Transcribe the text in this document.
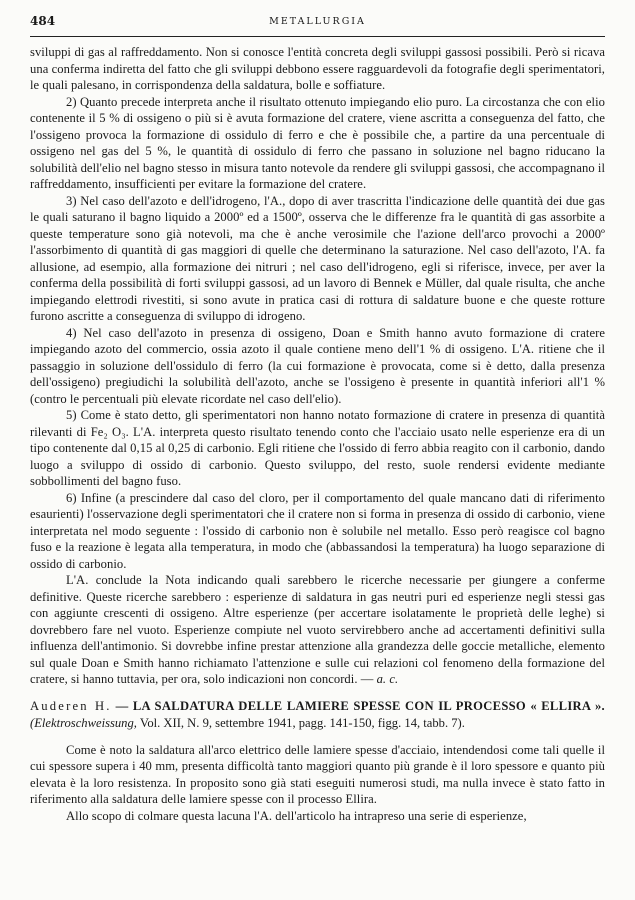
484	METALLURGIA

sviluppi di gas al raffreddamento. Non si conosce l'entità concreta degli sviluppi gassosi possibili. Però si ricava una conferma indiretta del fatto che gli sviluppi debbono essere ragguardevoli da fotografie degli sperimentatori, le quali palesano, in corrispondenza della saldatura, bolle e soffiature.

2) Quanto precede interpreta anche il risultato ottenuto impiegando elio puro. La circostanza che con elio contenente il 5 % di ossigeno o più si è avuta formazione del cratere, viene ascritta a conseguenza del fatto, che l'ossigeno provoca la formazione di ossidulo di ferro e che è possibile che, a partire da una percentuale di ossigeno nel gas del 5 %, le quantità di ossidulo di ferro che passano in soluzione nel bagno riducano la solubilità dell'elio nel bagno stesso in misura tanto notevole da rendere gli sviluppi gassosi, che accompagnano il raffreddamento, insufficienti per evitare la formazione del cratere.

3) Nel caso dell'azoto e dell'idrogeno, l'A., dopo di aver trascritta l'indicazione delle quantità dei due gas le quali saturano il bagno liquido a 2000º ed a 1500º, osserva che le differenze fra le quantità di gas assorbite a queste temperature sono già notevoli, ma che è anche verosimile che l'azione dell'arco provochi a 2000º l'assorbimento di quantità di gas maggiori di quelle che determinano la saturazione. Nel caso dell'azoto, l'A. fa allusione, ad esempio, alla formazione dei nitruri ; nel caso dell'idrogeno, egli si riferisce, invece, per aver la conferma della possibilità di forti sviluppi gassosi, ad un lavoro di Bennek e Müller, dal quale risulta, che anche impiegando elettrodi rivestiti, si sono avute in pratica casi di rottura di saldature buone e che queste rotture furono ascritte a conseguenza di sviluppo di idrogeno.

4) Nel caso dell'azoto in presenza di ossigeno, Doan e Smith hanno avuto formazione di cratere impiegando azoto del commercio, ossia azoto il quale contiene meno dell'1 % di ossigeno. L'A. ritiene che il passaggio in soluzione dell'ossidulo di ferro (la cui formazione è provocata, come si è detto, dalla presenza dell'ossigeno) pregiudichi la solubilità dell'azoto, anche se l'ossigeno è presente in quantità inferiori all'1 % (contro le percentuali più elevate ricordate nel caso dell'elio).

5) Come è stato detto, gli sperimentatori non hanno notato formazione di cratere in presenza di quantità rilevanti di Fe₂ O₃. L'A. interpreta questo risultato tenendo conto che l'acciaio usato nelle esperienze era di un tipo contenente dal 0,15 al 0,25 di carbonio. Egli ritiene che l'ossido di ferro abbia reagito con il carbonio, dando luogo a sviluppo di ossido di carbonio. Questo sviluppo, del resto, suole rendersi evidente mediante sobbollimenti del bagno fuso.

6) Infine (a prescindere dal caso del cloro, per il comportamento del quale mancano dati di riferimento esaurienti) l'osservazione degli sperimentatori che il cratere non si forma in presenza di ossido di carbonio, viene interpretata nel modo seguente : l'ossido di carbonio non è solubile nel metallo. Esso però reagisce col bagno fuso e la reazione è legata alla temperatura, in modo che (abbassandosi la temperatura) ha luogo separazione di ossido di carbonio.

L'A. conclude la Nota indicando quali sarebbero le ricerche necessarie per giungere a conferme definitive. Queste ricerche sarebbero : esperienze di saldatura in gas neutri puri ed esperienze negli stessi gas con aggiunte crescenti di ossigeno. Altre esperienze (per accertare isolatamente le proprietà delle leghe) si dovrebbero fare nel vuoto. Esperienze compiute nel vuoto servirebbero anche ad accertamenti definitivi sulla influenza dell'antimonio. Si dovrebbe infine prestar attenzione alla grandezza delle goccie metalliche, elemento sul quale Doan e Smith hanno richiamato l'attenzione e sulle cui relazioni col fenomeno della formazione del cratere, si hanno tuttavia, per ora, solo indicazioni non concordi. — a. c.

Auderen H. — LA SALDATURA DELLE LAMIERE SPESSE CON IL PROCESSO « ELLIRA ». (Elektroschweissung, Vol. XII, N. 9, settembre 1941, pagg. 141-150, figg. 14, tabb. 7).

Come è noto la saldatura all'arco elettrico delle lamiere spesse d'acciaio, intendendosi come tali quelle il cui spessore supera i 40 mm, presenta difficoltà tanto maggiori quanto più grande è il loro spessore e quanto più elevata è la loro resistenza. In proposito sono già stati eseguiti numerosi studi, ma nulla invece è stato fatto in riferimento alla saldatura delle lamiere spesse con il processo Ellira.

Allo scopo di colmare questa lacuna l'A. dell'articolo ha intrapreso una serie di esperienze,
